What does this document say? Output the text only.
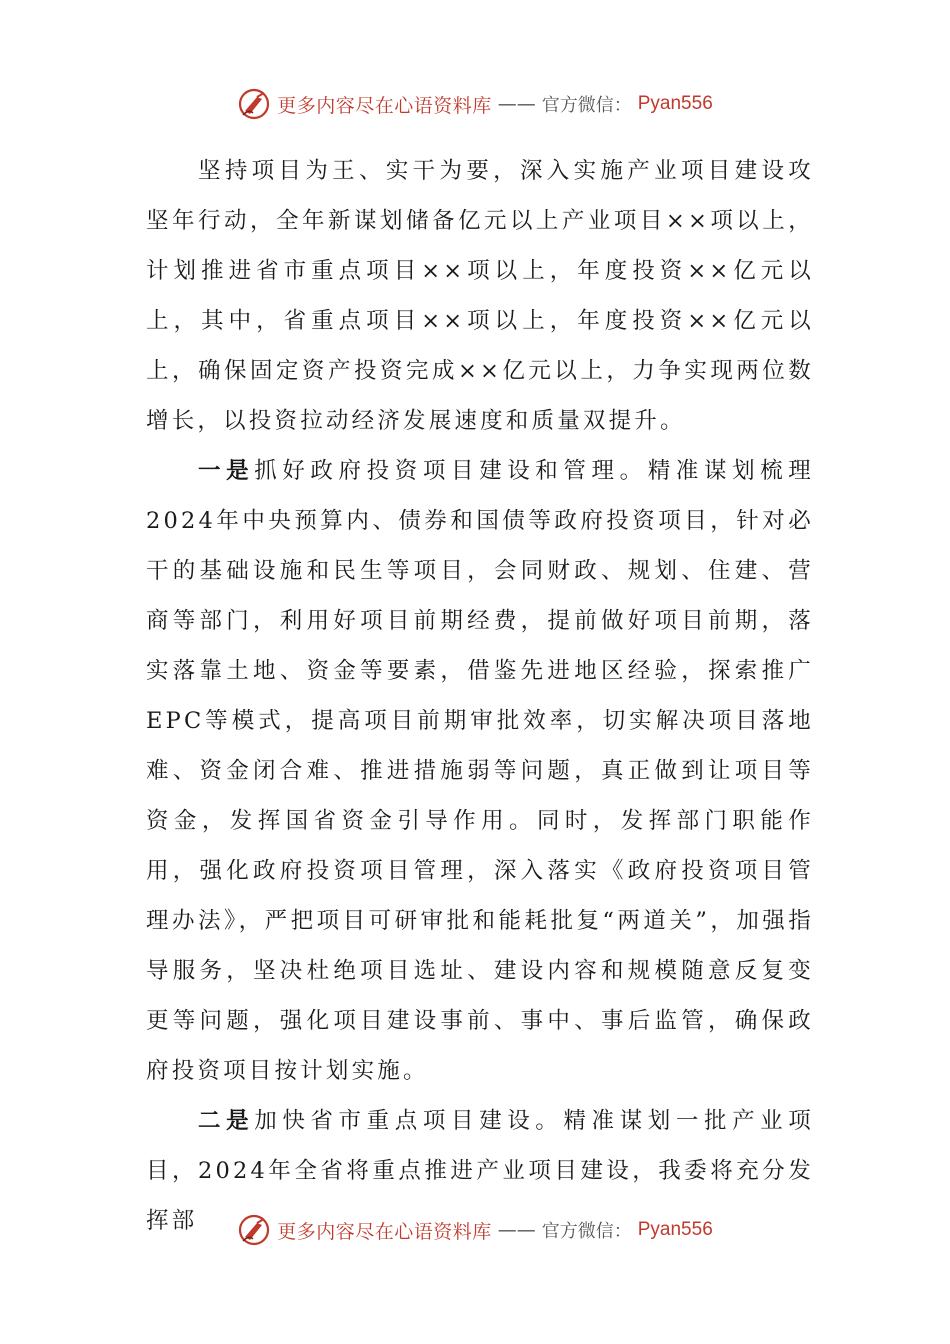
更多内容尽在心语资料库 —— 官方微信： Pyan556

坚持项目为王、实干为要，深入实施产业项目建设攻坚年行动，全年新谋划储备亿元以上产业项目××项以上，计划推进省市重点项目××项以上，年度投资××亿元以上，其中，省重点项目××项以上，年度投资××亿元以上，确保固定资产投资完成××亿元以上，力争实现两位数增长，以投资拉动经济发展速度和质量双提升。

一是抓好政府投资项目建设和管理。精准谋划梳理2024年中央预算内、债券和国债等政府投资项目，针对必干的基础设施和民生等项目，会同财政、规划、住建、营商等部门，利用好项目前期经费，提前做好项目前期，落实落靠土地、资金等要素，借鉴先进地区经验，探索推广EPC等模式，提高项目前期审批效率，切实解决项目落地难、资金闭合难、推进措施弱等问题，真正做到让项目等资金，发挥国省资金引导作用。同时，发挥部门职能作用，强化政府投资项目管理，深入落实《政府投资项目管理办法》，严把项目可研审批和能耗批复“两道关”，加强指导服务，坚决杜绝项目选址、建设内容和规模随意反复变更等问题，强化项目建设事前、事中、事后监管，确保政府投资项目按计划实施。

二是加快省市重点项目建设。精准谋划一批产业项目，2024年全省将重点推进产业项目建设，我委将充分发挥部	更多内容尽在心语资料库 —— 官方微信： Pyan556
